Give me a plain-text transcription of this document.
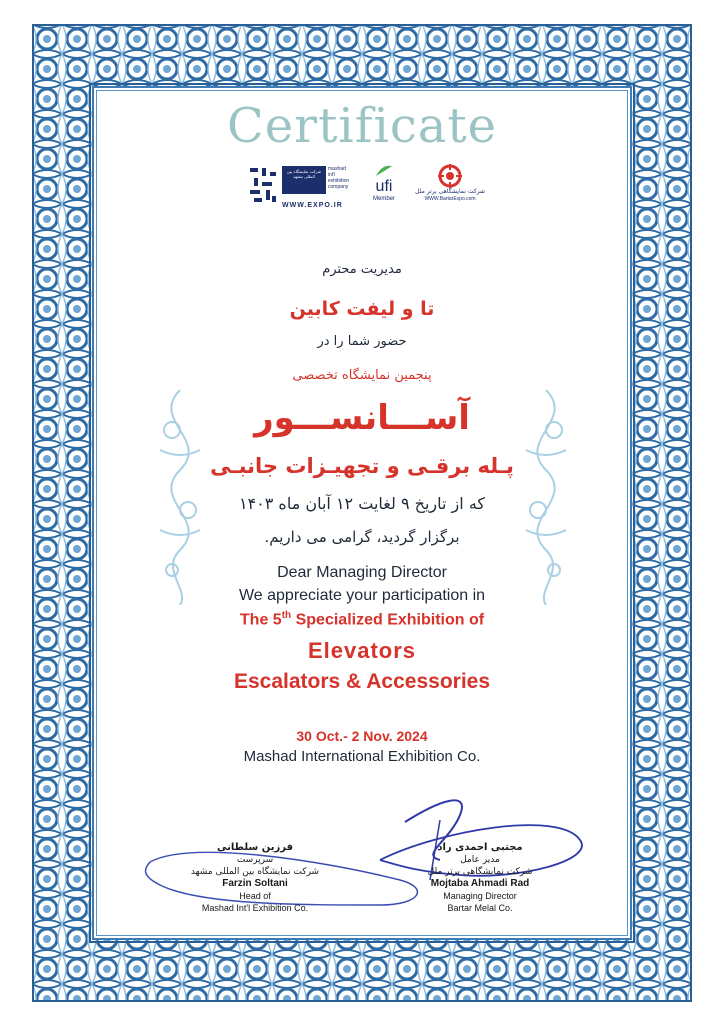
Certificate
شرکت نمایشگاه بین المللی مشهد
mashad
int'l
exhibition
company
WWW.EXPO.IR
ufi
Member
شرکت نمایشگاهی برتر ملل
WWW.BartarExpo.com
مدیریت محترم
تا و لیفت کابین
حضور شما را در
پنجمین نمایشگاه تخصصی
آســـانســـور
پـله برقـی و تجهیـزات جانبـی
که از تاریخ ۹ لغایت ۱۲ آبان ماه ۱۴۰۳
برگزار گردید، گرامی می داریم.
Dear Managing Director
We appreciate your participation in
The 5th Specialized Exhibition of
Elevators
Escalators & Accessories
30 Oct.- 2 Nov. 2024
Mashad International Exhibition Co.
فرزین سلطانی
سرپرست
شرکت نمایشگاه بین المللی مشهد
Farzin Soltani
Head of
Mashad Int'l Exhibition Co.
مجتبی احمدی راد
مدیر عامل
شرکت نمایشگاهی برتر ملل
Mojtaba Ahmadi Rad
Managing Director
Bartar Melal Co.
